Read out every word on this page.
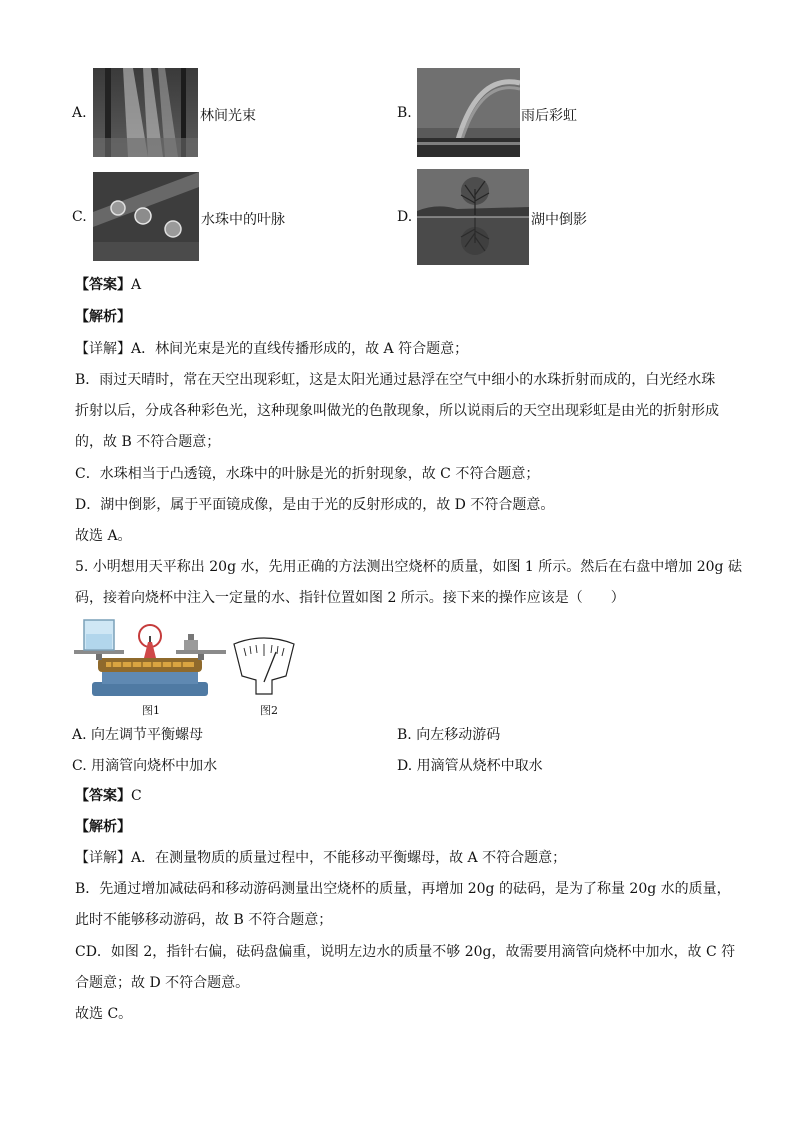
A.	林间光束	B.	雨后彩虹
C.	水珠中的叶脉	D.	湖中倒影
【答案】A
【解析】
【详解】A．林间光束是光的直线传播形成的，故 A 符合题意；
B．雨过天晴时，常在天空出现彩虹，这是太阳光通过悬浮在空气中细小的水珠折射而成的，白光经水珠
折射以后，分成各种彩色光，这种现象叫做光的色散现象，所以说雨后的天空出现彩虹是由光的折射形成
的，故 B 不符合题意；
C．水珠相当于凸透镜，水珠中的叶脉是光的折射现象，故 C 不符合题意；
D．湖中倒影，属于平面镜成像，是由于光的反射形成的，故 D 不符合题意。
故选 A。
5. 小明想用天平称出 20g 水，先用正确的方法测出空烧杯的质量，如图 1 所示。然后在右盘中增加 20g 砝
码，接着向烧杯中注入一定量的水、指针位置如图 2 所示。接下来的操作应该是（　　）
图1	图2
A. 向左调节平衡螺母	B. 向左移动游码
C. 用滴管向烧杯中加水	D. 用滴管从烧杯中取水
【答案】C
【解析】
【详解】A．在测量物质的质量过程中，不能移动平衡螺母，故 A 不符合题意；
B．先通过增加减砝码和移动游码测量出空烧杯的质量，再增加 20g 的砝码，是为了称量 20g 水的质量，
此时不能够移动游码，故 B 不符合题意；
CD．如图 2，指针右偏，砝码盘偏重，说明左边水的质量不够 20g，故需要用滴管向烧杯中加水，故 C 符
合题意；故 D 不符合题意。
故选 C。
